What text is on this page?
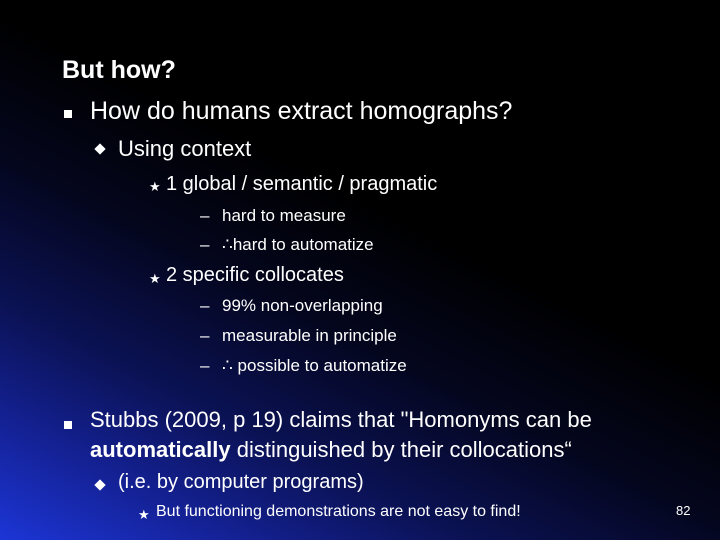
But how?
How do humans extract homographs?
Using context
★ 1 global / semantic / pragmatic
– hard to measure
– ∴hard to automatize
★ 2 specific collocates
– 99% non-overlapping
– measurable in principle
– ∴ possible to automatize
Stubbs (2009, p 19) claims that "Homonyms can be
automatically distinguished by their collocations“
(i.e. by computer programs)
★ But functioning demonstrations are not easy to find!	82
